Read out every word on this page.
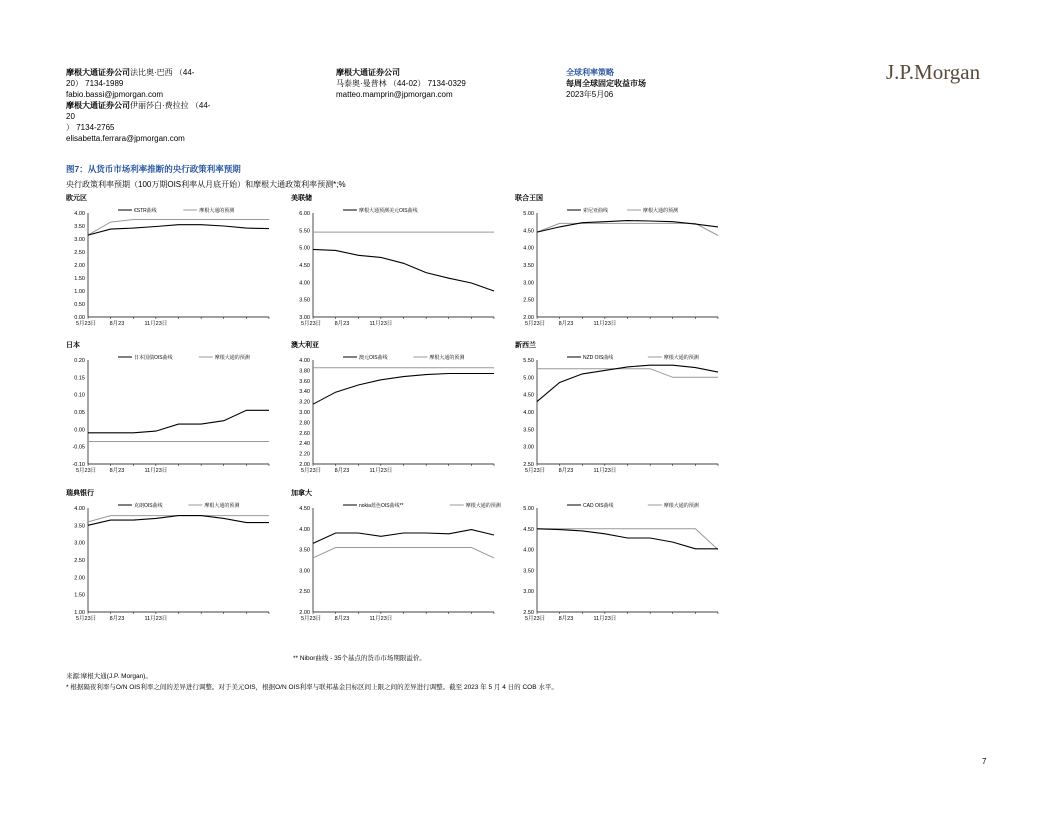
摩根大通证券公司法比奥·巴西 （44-
20） 7134-1989
fabio.bassi@jpmorgan.com
摩根大通证券公司伊丽莎白·费拉拉 （44-20
） 7134-2765
elisabetta.ferrara@jpmorgan.com
摩根大通证券公司
马泰奥·曼普林 （44-02） 7134-0329
matteo.mamprin@jpmorgan.com
全球利率策略
每周全球固定收益市场
2023年5月06
J.P.Morgan
图7：从货币市场利率推断的央行政策利率预期
央行政策利率预期（100万期OIS利率从月底开始）和摩根大通政策利率预测*;%
欧元区
0.00
0.50
1.00
1.50
2.00
2.50
3.00
3.50
4.00
5月23日 8月23	11月23日
€STR曲线	摩根大通的预测
美联储
3.00
3.50
4.00
4.50
5.00
5.50
6.00
5月23日 8月23	11月23日
摩根大通预测美元OIS曲线
联合王国
2.00
2.50
3.00
3.50
4.00
4.50
5.00
5月23日 8月23	11月23日
索尼亚曲线	摩根大通的预测
日本
-0.10
-0.05
0.00
0.05
0.10
0.15
0.20
5月23日 8月23	11月23日
日本国债OIS曲线	摩根大通的预测
澳大利亚
2.00
2.20
2.40
2.60
2.80
3.00
3.20
3.40
3.60
3.80
4.00
5月23日 8月23	11月23日
澳元OIS曲线	摩根大通的预测
新西兰
2.50
3.00
3.50
4.00
4.50
5.00
5.50
5月23日 8月23	11月23日
NZD OIS曲线	摩根大通的预测
瑞典银行
1.00
1.50
2.00
2.50
3.00
3.50
4.00
5月23日 8月23	11月23日
克朗OIS曲线	摩根大通的预测
加拿大
2.00
2.50
3.00
3.50
4.00
4.50
5月23日 8月23	11月23日
nokia蓝色OIS曲线**	摩根大通的预测
2.50
3.00
3.50
4.00
4.50
5.00
5月23日 8月23	11月23日
CAD OIS曲线	摩根大通的预测
** Nibor曲线 - 35个基点的货币市场期限溢价。
来源:摩根大通(J.P. Morgan)。
* 根据隔夜利率与O/N OIS利率之间的差异进行调整。对于美元OIS，根据O/N OIS利率与联邦基金目标区间上限之间的差异进行调整。截至 2023 年 5 月 4 日的 COB 水平。
7
